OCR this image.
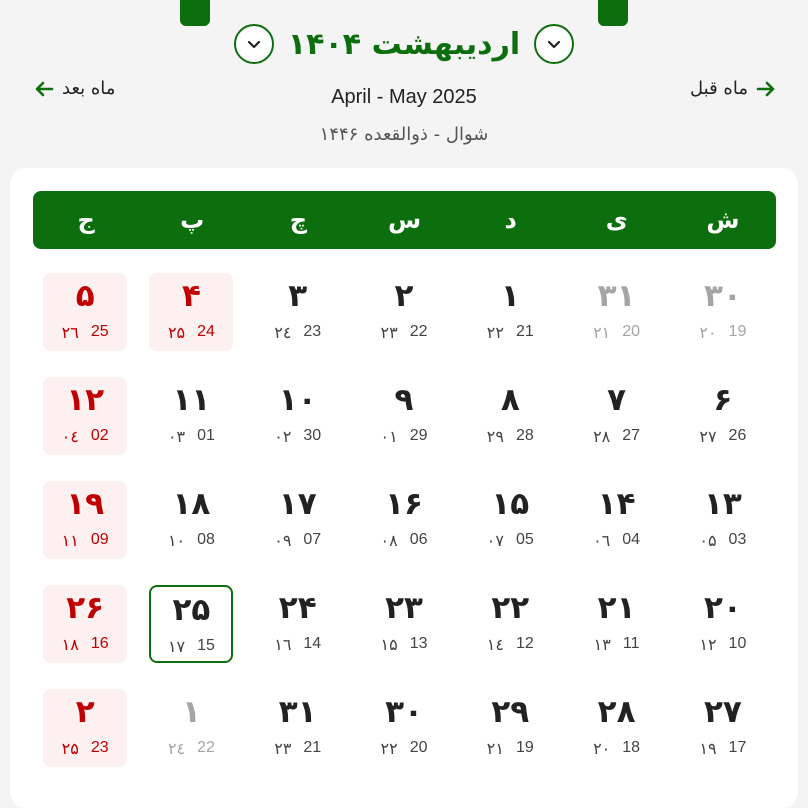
اردیبهشت ۱۴۰۴
ماه قبل
ماه بعد	April - May 2025
شوال - ذوالقعده ۱۴۴۶
ش
ی
د
س
چ
پ
ج
۳۰
۲۰ 19
۳۱
۲۱ 20
۱
۲۲ 21
۲
۲۳ 22
۳
۲٤ 23
۴
۲۵ 24
۵
۲٦ 25
۶
۲۷ 26
۷
۲۸ 27
۸
۲۹ 28
۹
۰۱ 29
۱۰
۰۲ 30
۱۱
۰۳ 01
۱۲
۰٤ 02
۱۳
۰۵ 03
۱۴
۰٦ 04
۱۵
۰۷ 05
۱۶
۰۸ 06
۱۷
۰۹ 07
۱۸
۱۰ 08
۱۹
۱۱ 09
۲۰
۱۲ 10
۲۱
۱۳ 11
۲۲
۱٤ 12
۲۳
۱۵ 13
۲۴
۱٦ 14
۲۵
۱۷ 15
۲۶
۱۸ 16
۲۷
۱۹ 17
۲۸
۲۰ 18
۲۹
۲۱ 19
۳۰
۲۲ 20
۳۱
۲۳ 21
۱
۲٤ 22
۲
۲۵ 23
